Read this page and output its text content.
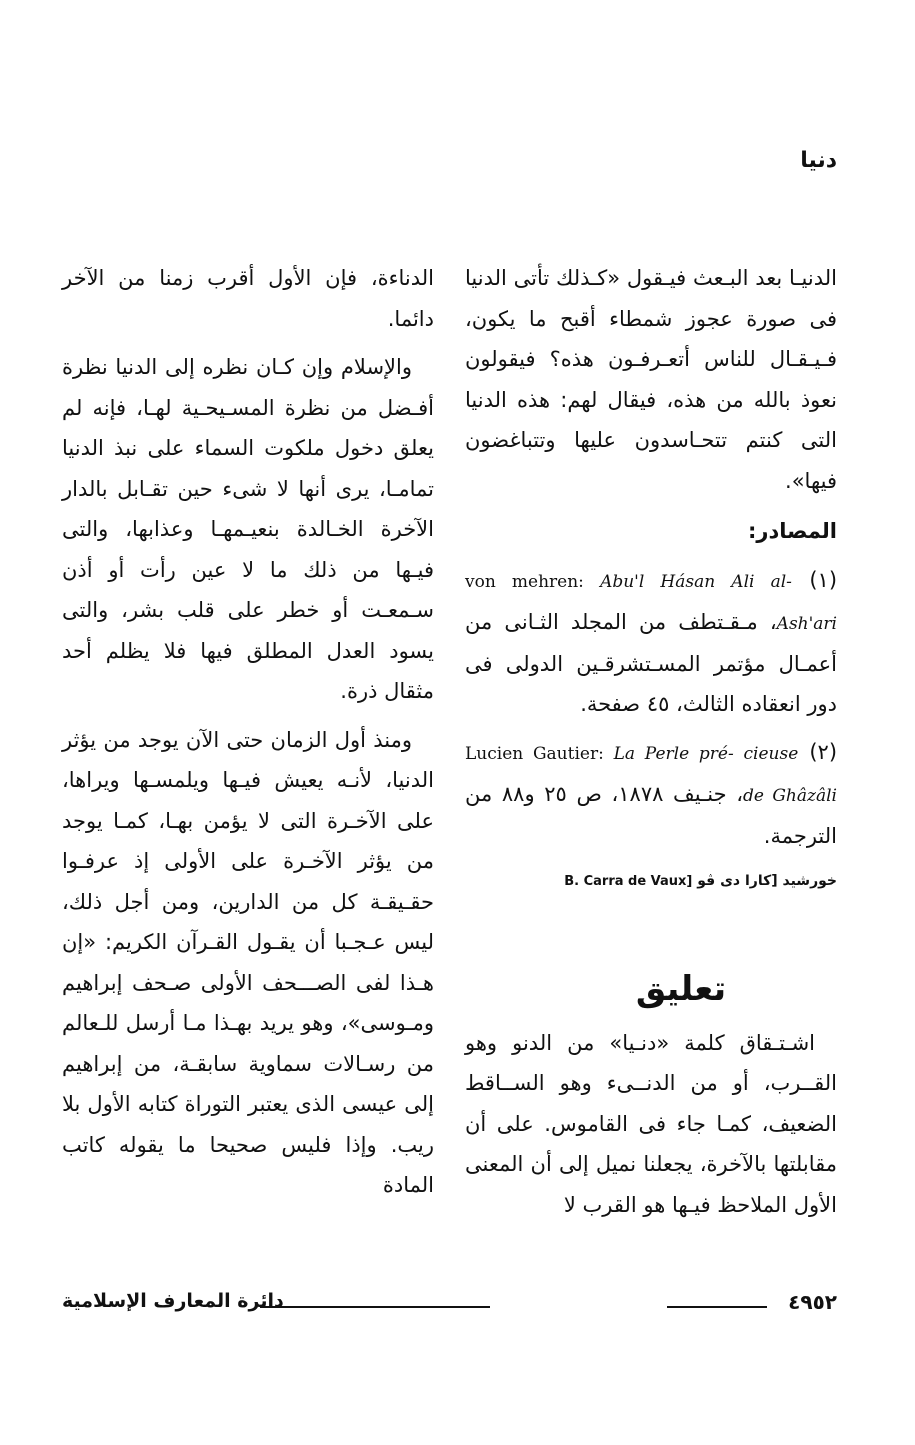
دنيا

الدنيـا بعد البـعث فيـقول «كـذلك تأتى الدنيا فى صورة عجوز شمطاء أقبح ما يكون، فـيـقـال للناس أتعـرفـون هذه؟ فيقولون نعوذ بالله من هذه، فيقال لهم: هذه الدنيا التى كنتم تتحـاسدون عليها وتتباغضون فيها».

المصادر:

(١) von mehren: Abu'l Hásan Ali al- Ash'ari، مـقـتطف من المجلد الثـانى من أعمـال مؤتمر المسـتشرقـين الدولى فى دور انعقاده الثالث، ٤٥ صفحة.

(٢) Lucien Gautier: La Perle pré- cieuse de Ghâzâli، جنـيف ١٨٧٨، ص ٢٥ و٨٨ من الترجمة.

خورشيد [كارا دى ڤو B. Carra de Vaux]

تعليق

اشـتـقاق كلمة «دنـيا» من الدنو وهو القــرب، أو من الدنــىء وهو الســاقط الضعيف، كمـا جاء فى القاموس. على أن مقابلتها بالآخرة، يجعلنا نميل إلى أن المعنى الأول الملاحظ فيـها هو القرب لا

الدناءة، فإن الأول أقرب زمنا من الآخر دائما.

والإسلام وإن كـان نظره إلى الدنيا نظرة أفـضل من نظرة المسـيحـية لهـا، فإنه لم يعلق دخول ملكوت السماء على نبذ الدنيا تمامـا، يرى أنها لا شىء حين تقـابل بالدار الآخرة الخـالدة بنعيـمهـا وعذابها، والتى فيـها من ذلك ما لا عين رأت أو أذن سـمعـت أو خطر على قلب بشر، والتى يسود العدل المطلق فيها فلا يظلم أحد مثقال ذرة.

ومنذ أول الزمان حتى الآن يوجد من يؤثر الدنيا، لأنـه يعيش فيـها ويلمسـها ويراها، على الآخـرة التى لا يؤمن بهـا، كمـا يوجد من يؤثر الآخـرة على الأولى إذ عرفـوا حقـيقـة كل من الدارين، ومن أجل ذلك، ليس عـجـبا أن يقـول القـرآن الكريم: «إن هـذا لفى الصـــحف الأولى صـحف إبراهيم ومـوسى»، وهو يريد بهـذا مـا أرسل للـعالم من رسـالات سماوية سابقـة، من إبراهيم إلى عيسى الذى يعتبر التوراة كتابه الأول بلا ريب. وإذا فليس صحيحا ما يقوله كاتب المادة

٤٩٥٢
دائرة المعارف الإسلامية
